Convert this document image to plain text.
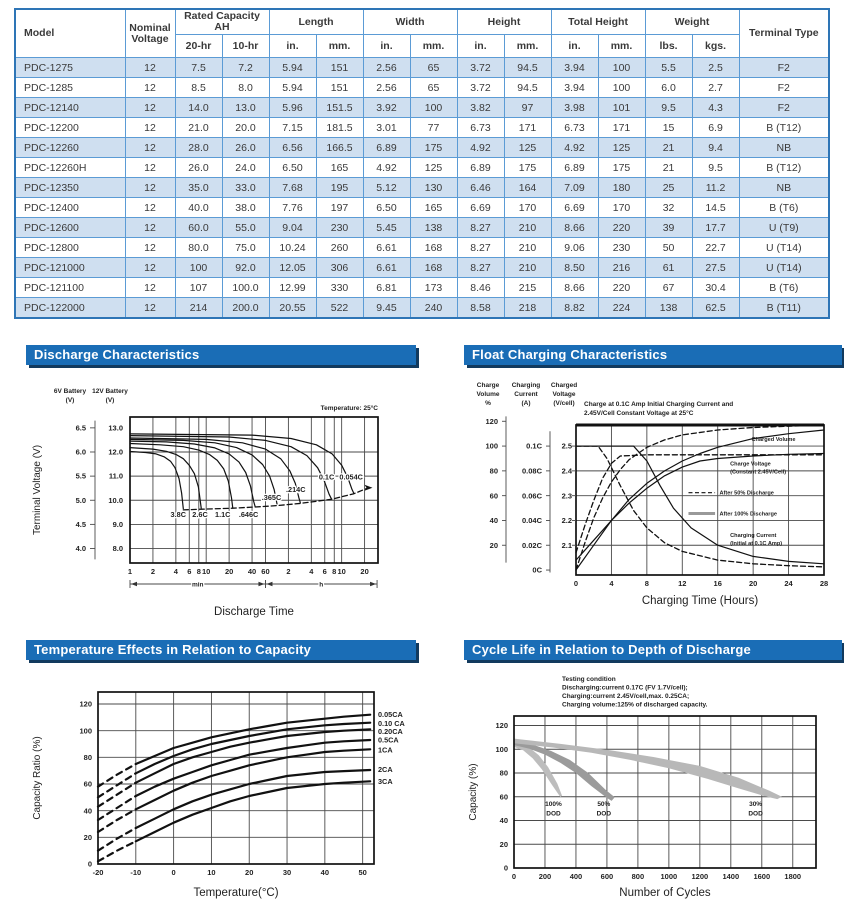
Model	Nominal Voltage	Rated Capacity AH		Length		Width		Height		Total Height		Weight		Terminal Type
		20-hr	10-hr	in.	mm.	in.	mm.	in.	mm.	in.	mm.	lbs.	kgs.	
PDC-1275	12	7.5	7.2	5.94	151	2.56	65	3.72	94.5	3.94	100	5.5	2.5	F2
PDC-1285	12	8.5	8.0	5.94	151	2.56	65	3.72	94.5	3.94	100	6.0	2.7	F2
PDC-12140	12	14.0	13.0	5.96	151.5	3.92	100	3.82	97	3.98	101	9.5	4.3	F2
PDC-12200	12	21.0	20.0	7.15	181.5	3.01	77	6.73	171	6.73	171	15	6.9	B (T12)
PDC-12260	12	28.0	26.0	6.56	166.5	6.89	175	4.92	125	4.92	125	21	9.4	NB
PDC-12260H	12	26.0	24.0	6.50	165	4.92	125	6.89	175	6.89	175	21	9.5	B (T12)
PDC-12350	12	35.0	33.0	7.68	195	5.12	130	6.46	164	7.09	180	25	11.2	NB
PDC-12400	12	40.0	38.0	7.76	197	6.50	165	6.69	170	6.69	170	32	14.5	B (T6)
PDC-12600	12	60.0	55.0	9.04	230	5.45	138	8.27	210	8.66	220	39	17.7	U (T9)
PDC-12800	12	80.0	75.0	10.24	260	6.61	168	8.27	210	9.06	230	50	22.7	U (T14)
PDC-121000	12	100	92.0	12.05	306	6.61	168	8.27	210	8.50	216	61	27.5	U (T14)
PDC-121100	12	107	100.0	12.99	330	6.81	173	8.46	215	8.66	220	67	30.4	B (T6)
PDC-122000	12	214	200.0	20.55	522	9.45	240	8.58	218	8.82	224	138	62.5	B (T11)
Discharge Characteristics
1	2	4 6 8 10 20 40 60 2	4 6 8 10 20
6.5	13.0
6.0	12.0
5.5	11.0
5.0	10.0
4.5	9.0
4.0	8.0
6V Battery
(V)
12V Battery
(V)
Temperature: 25°C
Terminal Voltage (V)	3.8C 2.6C 1.1C .646C
.365C
.214C
0.1C 0.054C
min	h
Discharge Time
Float Charging Characteristics
120
100
80
60
40
20
0.1C
0.08C
0.06C
0.04C
0.02C
0C
2.5
2.4
2.3
2.2
2.1
Charge
Volume
%
Charging
Current
(A)
Charged
Voltage
(V/cell) Charge at 0.1C Amp Initial Charging Current and
2.45V/Cell Constant Voltage at 25°C
Charged Volume
Charge Voltage
(Constant 2.45V/Cell)
After 50% Discharge
After 100% Discharge
Charging Current
(Initial at 0.1C Amp)
0	4	8	12	16	20	24	28
Charging Time (Hours)
Temperature Effects in Relation to Capacity
-20	-10	0	10	20	30	40	50
0
20
40
60
80
100
120
Capacity Ratio (%)
0.05CA
0.10 CA
0.20CA
0.5CA
1CA
2CA
3CA
Temperature(°C)
Cycle Life in Relation to Depth of Discharge
Testing condition
Discharging:current 0.17C (FV 1.7V/cell);
Charging:current 2.45V/cell,max. 0.25CA;
Charging volume:125% of discharged capacity.
100%
DOD
50%
DOD
30%
DOD
0	200 400 600 800 1000 1200 1400 1600 1800
0
20
40
60
80
100
120
Capacity (%)
Number of Cycles
